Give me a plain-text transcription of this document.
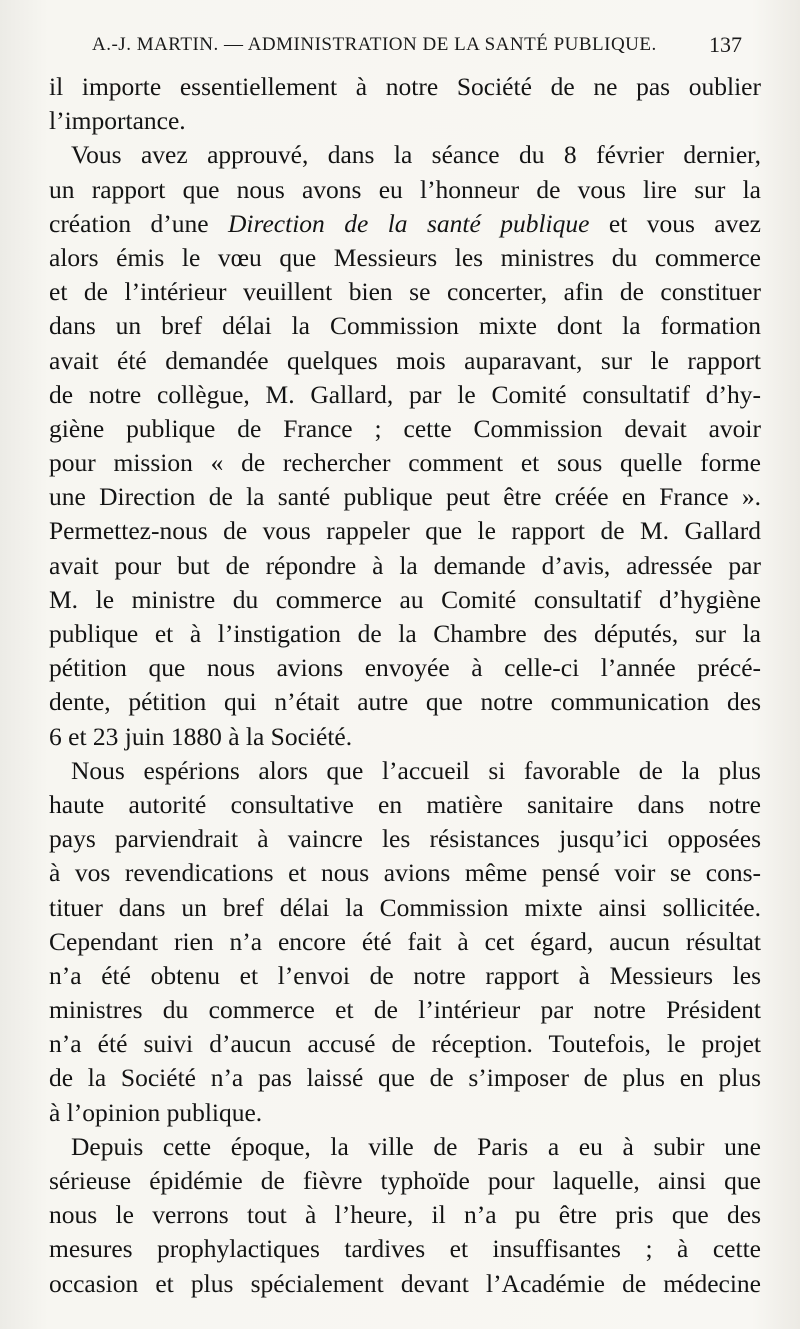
A.-J. MARTIN. — ADMINISTRATION DE LA SANTÉ PUBLIQUE. 137
il importe essentiellement à notre Société de ne pas oublier
l’importance.
Vous avez approuvé, dans la séance du 8 février dernier,
un rapport que nous avons eu l’honneur de vous lire sur la
création d’une Direction de la santé publique et vous avez
alors émis le vœu que Messieurs les ministres du commerce
et de l’intérieur veuillent bien se concerter, afin de constituer
dans un bref délai la Commission mixte dont la formation
avait été demandée quelques mois auparavant, sur le rapport
de notre collègue, M. Gallard, par le Comité consultatif d’hy-
giène publique de France ; cette Commission devait avoir
pour mission « de rechercher comment et sous quelle forme
une Direction de la santé publique peut être créée en France ».
Permettez-nous de vous rappeler que le rapport de M. Gallard
avait pour but de répondre à la demande d’avis, adressée par
M. le ministre du commerce au Comité consultatif d’hygiène
publique et à l’instigation de la Chambre des députés, sur la
pétition que nous avions envoyée à celle-ci l’année précé-
dente, pétition qui n’était autre que notre communication des
6 et 23 juin 1880 à la Société.
Nous espérions alors que l’accueil si favorable de la plus
haute autorité consultative en matière sanitaire dans notre
pays parviendrait à vaincre les résistances jusqu’ici opposées
à vos revendications et nous avions même pensé voir se cons-
tituer dans un bref délai la Commission mixte ainsi sollicitée.
Cependant rien n’a encore été fait à cet égard, aucun résultat
n’a été obtenu et l’envoi de notre rapport à Messieurs les
ministres du commerce et de l’intérieur par notre Président
n’a été suivi d’aucun accusé de réception. Toutefois, le projet
de la Société n’a pas laissé que de s’imposer de plus en plus
à l’opinion publique.
Depuis cette époque, la ville de Paris a eu à subir une
sérieuse épidémie de fièvre typhoïde pour laquelle, ainsi que
nous le verrons tout à l’heure, il n’a pu être pris que des
mesures prophylactiques tardives et insuffisantes ; à cette
occasion et plus spécialement devant l’Académie de médecine
